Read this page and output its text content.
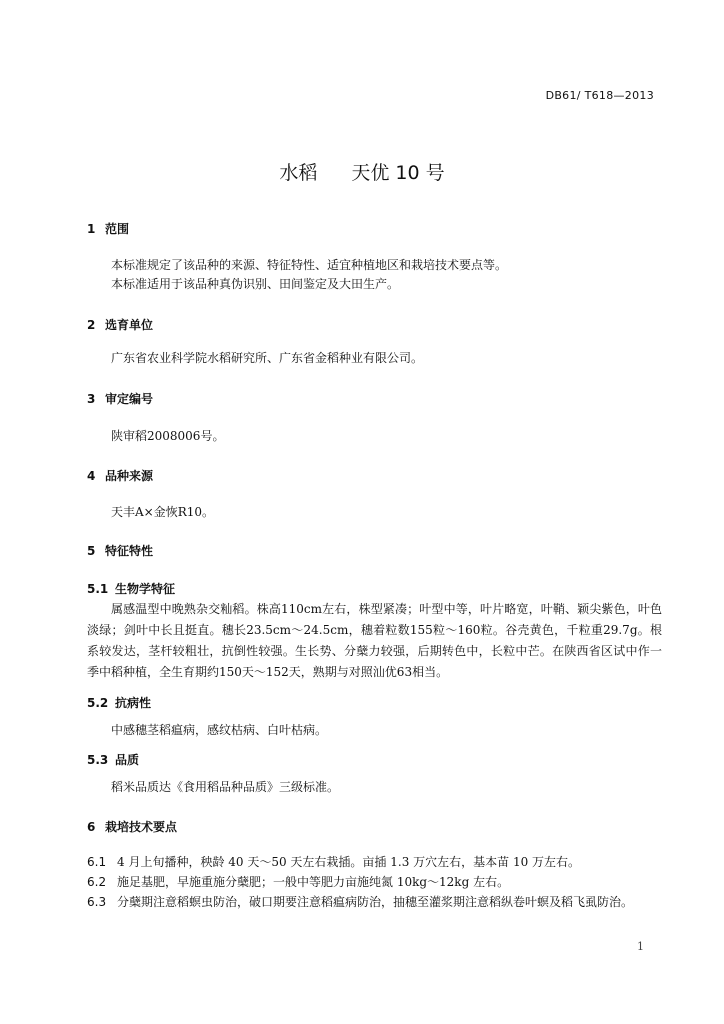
DB61/ T618—2013
水稻 天优 10 号
1 范围
本标准规定了该品种的来源、特征特性、适宜种植地区和栽培技术要点等。
本标准适用于该品种真伪识别、田间鉴定及大田生产。
2 选育单位
广东省农业科学院水稻研究所、广东省金稻种业有限公司。
3 审定编号
陕审稻2008006号。
4 品种来源
天丰A×金恢R10。
5 特征特性
5.1 生物学特征
属感温型中晚熟杂交籼稻。株高110cm左右，株型紧凑；叶型中等，叶片略宽，叶鞘、颖尖紫色，叶色淡绿；剑叶中长且挺直。穗长23.5cm～24.5cm，穗着粒数155粒～160粒。谷壳黄色，千粒重29.7g。根系较发达，茎杆较粗壮，抗倒性较强。生长势、分蘖力较强，后期转色中，长粒中芒。在陕西省区试中作一季中稻种植，全生育期约150天～152天，熟期与对照汕优63相当。
5.2 抗病性
中感穗茎稻瘟病，感纹枯病、白叶枯病。
5.3 品质
稻米品质达《食用稻品种品质》三级标准。
6 栽培技术要点
6.1 4 月上旬播种，秧龄 40 天～50 天左右栽插。亩插 1.3 万穴左右，基本苗 10 万左右。
6.2 施足基肥，早施重施分蘖肥；一般中等肥力亩施纯氮 10kg～12kg 左右。
6.3 分蘖期注意稻螟虫防治，破口期要注意稻瘟病防治，抽穗至灌浆期注意稻纵卷叶螟及稻飞虱防治。
1
